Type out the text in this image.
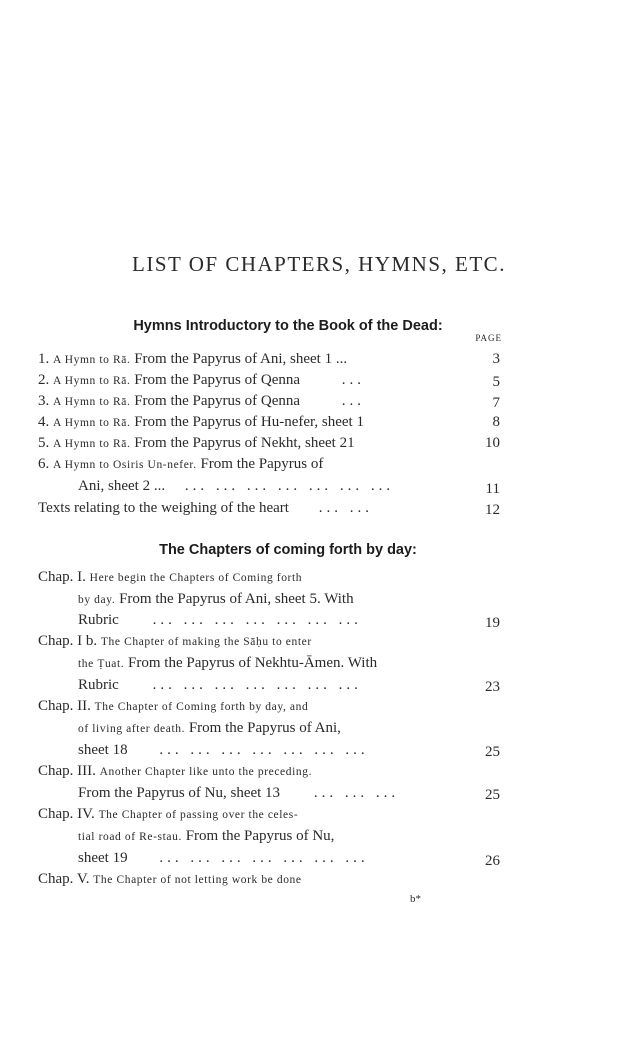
LIST OF CHAPTERS, HYMNS, ETC.
Hymns Introductory to the Book of the Dead:
PAGE
1. A Hymn to Rā. From the Papyrus of Ani, sheet 1 ...	3
2. A Hymn to Rā. From the Papyrus of Qenna	...	5
3. A Hymn to Rā. From the Papyrus of Qenna	...	7
4. A Hymn to Rā. From the Papyrus of Hu-nefer, sheet 1	8
5. A Hymn to Rā. From the Papyrus of Nekht, sheet 21	10
6. A Hymn to Osiris Un-nefer. From the Papyrus of
Ani, sheet 2 ... ... ... ... ... ... ... ...	11
Texts relating to the weighing of the heart ... ...	12
The Chapters of coming forth by day:
Chap. I. Here begin the Chapters of Coming forth
by day. From the Papyrus of Ani, sheet 5. With
Rubric ... ... ... ... ... ... ...	19
Chap. I b. The Chapter of making the Sāḥu to enter
the Ṭuat. From the Papyrus of Nekhtu-Āmen. With
Rubric ... ... ... ... ... ... ...	23
Chap. II. The Chapter of Coming forth by day, and
of living after death. From the Papyrus of Ani,
sheet 18 ... ... ... ... ... ... ...	25
Chap. III. Another Chapter like unto the preceding.
From the Papyrus of Nu, sheet 13 ... ... ...	25
Chap. IV. The Chapter of passing over the celes-
tial road of Re-stau. From the Papyrus of Nu,
sheet 19 ... ... ... ... ... ... ...	26
Chap. V. The Chapter of not letting work be done
b*
